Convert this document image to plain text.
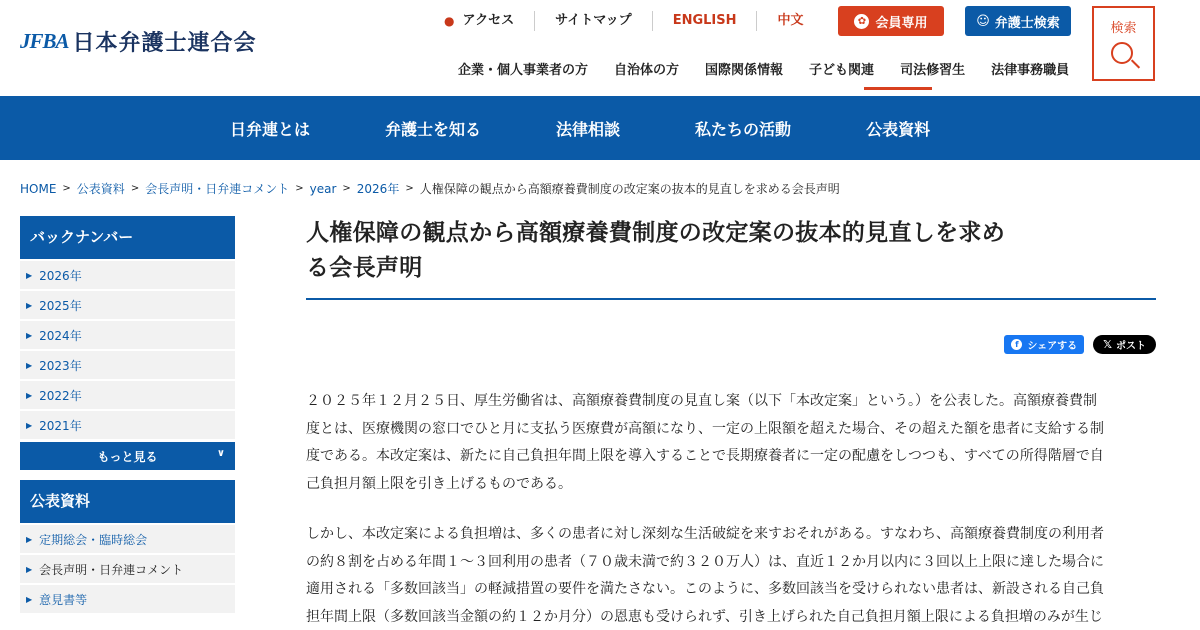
JFBA 日本弁護士連合会
● アクセス	サイトマップ	ENGLISH	中文	✿ 会員専用	☺ 弁護士検索	検索
企業・個人事業者の方 自治体の方 国際関係情報 子ども関連 司法修習生 法律事務職員
日弁連とは	弁護士を知る	法律相談	私たちの活動	公表資料
HOME > 公表資料 > 会長声明・日弁連コメント > year > 2026年 > 人権保障の観点から高額療養費制度の改定案の抜本的見直しを求める会長声明
バックナンバー
▶ 2026年
▶ 2025年
▶ 2024年
▶ 2023年
▶ 2022年
▶ 2021年
もっと見る	∨
公表資料
▶ 定期総会・臨時総会
▶ 会長声明・日弁連コメント
▶ 意見書等
人権保障の観点から高額療養費制度の改定案の抜本的見直しを求め
る会長声明
f シェアする 𝕏 ポスト
２０２５年１２月２５日、厚生労働省は、高額療養費制度の見直し案（以下「本改定案」という。）を公表した。高額療養費制
度とは、医療機関の窓口でひと月に支払う医療費が高額になり、一定の上限額を超えた場合、その超えた額を患者に支給する制
度である。本改定案は、新たに自己負担年間上限を導入することで長期療養者に一定の配慮をしつつも、すべての所得階層で自
己負担月額上限を引き上げるものである。
しかし、本改定案による負担増は、多くの患者に対し深刻な生活破綻を来すおそれがある。すなわち、高額療養費制度の利用者
の約８割を占める年間１～３回利用の患者（７０歳未満で約３２０万人）は、直近１２か月以内に３回以上上限に達した場合に
適用される「多数回該当」の軽減措置の要件を満たさない。このように、多数回該当を受けられない患者は、新設される自己負
担年間上限（多数回該当金額の約１２か月分）の恩恵も受けられず、引き上げられた自己負担月額上限による負担増のみが生じ
